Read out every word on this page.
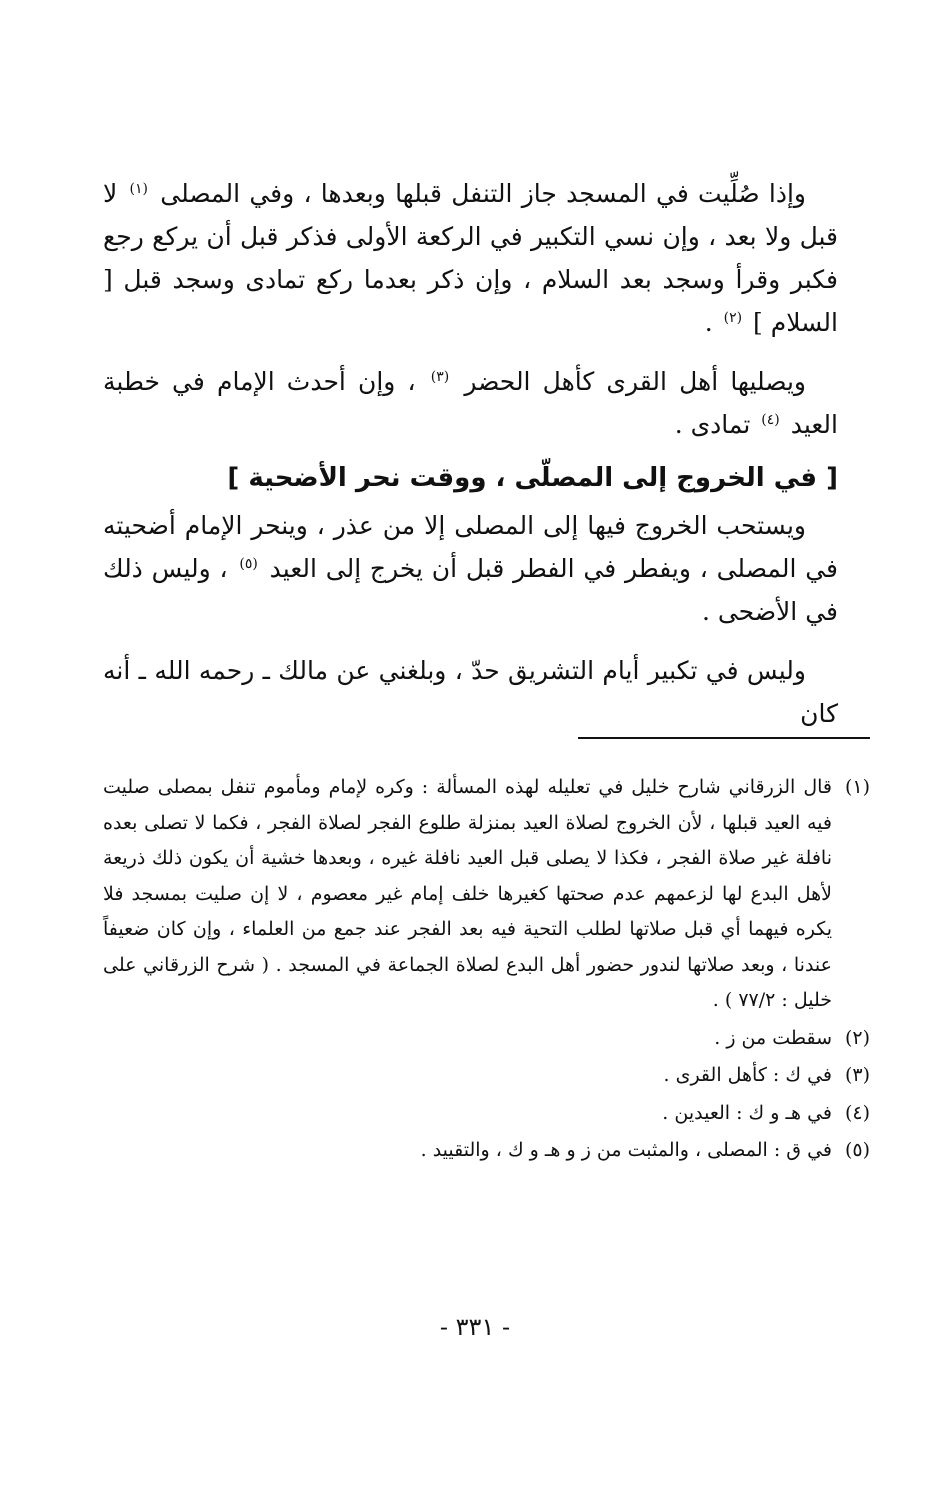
وإذا صُلِّيت في المسجد جاز التنفل قبلها وبعدها ، وفي المصلى $^{(١)}$ لا قبل ولا بعد ، وإن نسي التكبير في الركعة الأولى فذكر قبل أن يركع رجع فكبر وقرأ وسجد بعد السلام ، وإن ذكر بعدما ركع تمادى وسجد قبل [ السلام ] $^{(٢)}$ .

ويصليها أهل القرى كأهل الحضر $^{(٣)}$ ، وإن أحدث الإمام في خطبة العيد $^{(٤)}$ تمادى .

[ في الخروج إلى المصلّى ، ووقت نحر الأضحية ]

ويستحب الخروج فيها إلى المصلى إلا من عذر ، وينحر الإمام أضحيته في المصلى ، ويفطر في الفطر قبل أن يخرج إلى العيد $^{(٥)}$ ، وليس ذلك في الأضحى .

وليس في تكبير أيام التشريق حدّ ، وبلغني عن مالك ـ رحمه الله ـ أنه كان

(١)
قال الزرقاني شارح خليل في تعليله لهذه المسألة : وكره لإمام ومأموم تنفل بمصلى صليت فيه العيد قبلها ، لأن الخروج لصلاة العيد بمنزلة طلوع الفجر لصلاة الفجر ، فكما لا تصلى بعده نافلة غير صلاة الفجر ، فكذا لا يصلى قبل العيد نافلة غيره ، وبعدها خشية أن يكون ذلك ذريعة لأهل البدع لها لزعمهم عدم صحتها كغيرها خلف إمام غير معصوم ، لا إن صليت بمسجد فلا يكره فيهما أي قبل صلاتها لطلب التحية فيه بعد الفجر عند جمع من العلماء ، وإن كان ضعيفاً عندنا ، وبعد صلاتها لندور حضور أهل البدع لصلاة الجماعة في المسجد . ( شرح الزرقاني على خليل : ٧٧/٢ ) .
(٢)
سقطت من ز .
(٣)
في ك : كأهل القرى .
(٤)
في هـ و ك : العيدين .
(٥)
في ق : المصلى ، والمثبت من ز و هـ و ك ، والتقييد .
- ٣٣١ -
